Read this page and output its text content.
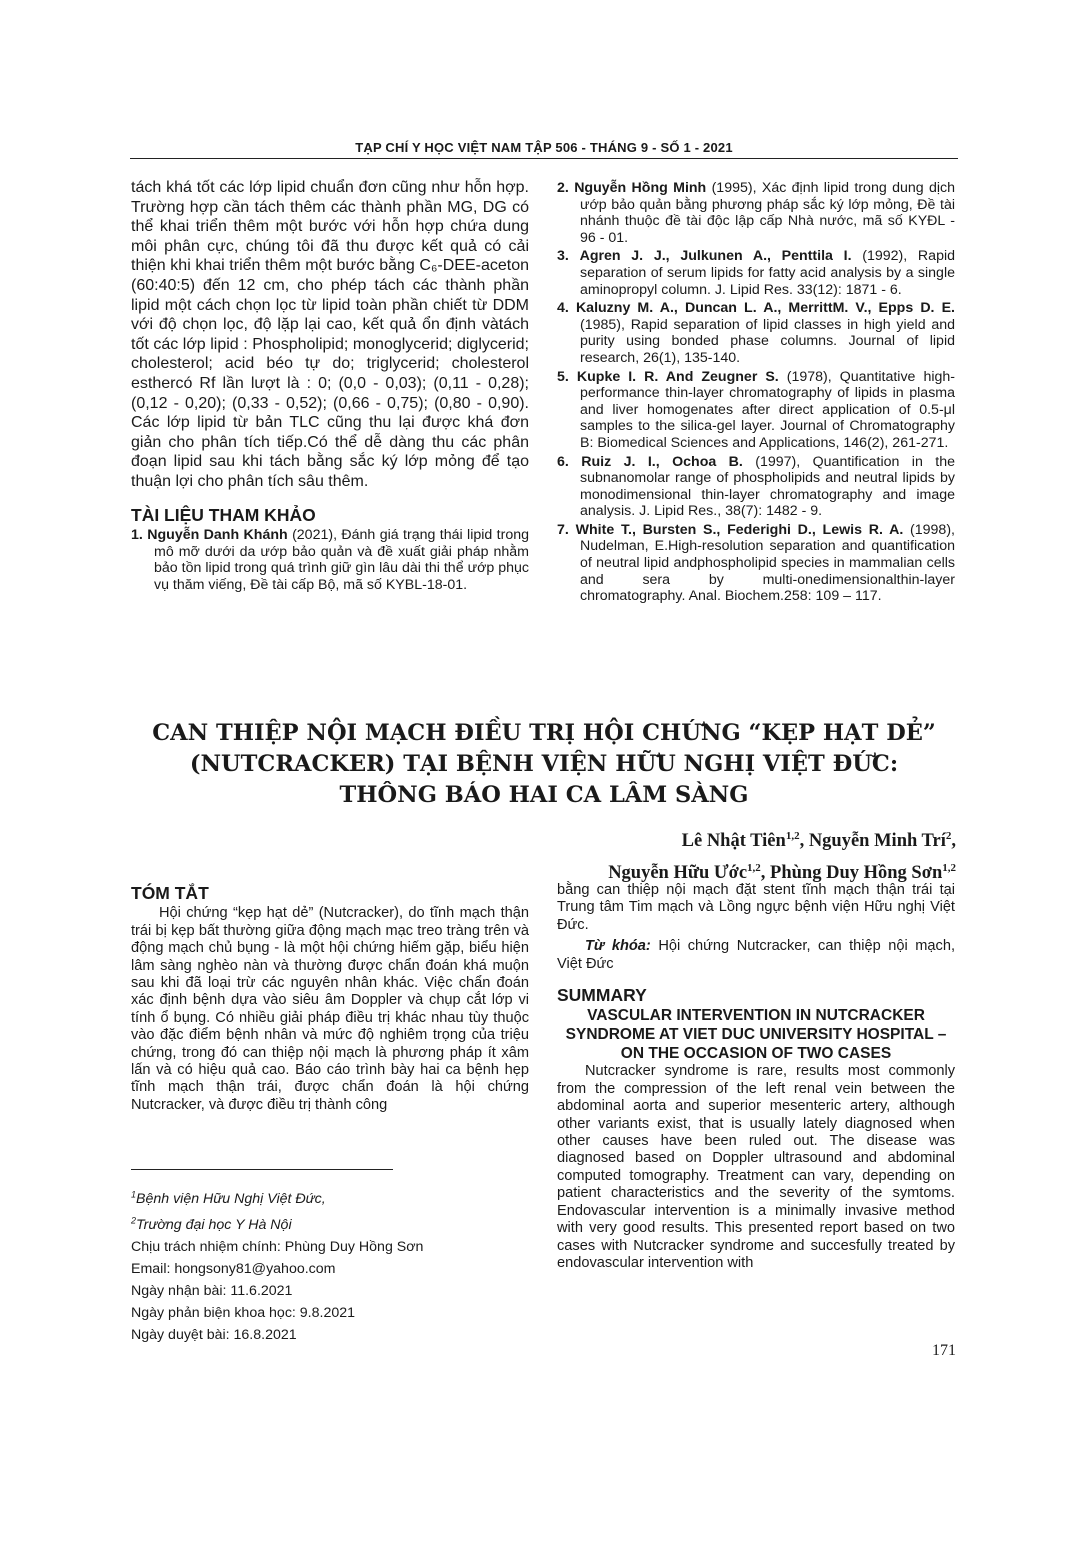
TẠP CHÍ Y HỌC VIỆT NAM TẬP 506 - THÁNG 9 - SỐ 1 - 2021

tách khá tốt các lớp lipid chuẩn đơn cũng như hỗn hợp. Trường hợp cần tách thêm các thành phần MG, DG có thể khai triển thêm một bước với hỗn hợp chứa dung môi phân cực, chúng tôi đã thu được kết quả có cải thiện khi khai triển thêm một bước bằng C₆-DEE-aceton (60:40:5) đến 12 cm, cho phép tách các thành phần lipid một cách chọn lọc từ lipid toàn phần chiết từ DDM với độ chọn lọc, độ lặp lại cao, kết quả ổn định vàtách tốt các lớp lipid : Phospholipid; monoglycerid; diglycerid; cholesterol; acid béo tự do; triglycerid; cholesterol esthercó Rf lần lượt là : 0; (0,0 - 0,03); (0,11 - 0,28); (0,12 - 0,20); (0,33 - 0,52); (0,66 - 0,75); (0,80 - 0,90). Các lớp lipid từ bản TLC cũng thu lại được khá đơn giản cho phân tích tiếp.Có thể dễ dàng thu các phân đoạn lipid sau khi tách bằng sắc ký lớp mỏng để tạo thuận lợi cho phân tích sâu thêm.

TÀI LIỆU THAM KHẢO

1. Nguyễn Danh Khánh (2021), Đánh giá trạng thái lipid trong mô mỡ dưới da ướp bảo quản và đề xuất giải pháp nhằm bảo tồn lipid trong quá trình giữ gìn lâu dài thi thể ướp phục vụ thăm viếng, Đề tài cấp Bộ, mã số KYBL-18-01.

2. Nguyễn Hồng Minh (1995), Xác định lipid trong dung dịch ướp bảo quản bằng phương pháp sắc ký lớp mỏng, Đề tài nhánh thuộc đề tài độc lập cấp Nhà nước, mã số KYĐL - 96 - 01.

3. Agren J. J., Julkunen A., Penttila I. (1992), Rapid separation of serum lipids for fatty acid analysis by a single aminopropyl column. J. Lipid Res. 33(12): 1871 - 6.

4. Kaluzny M. A., Duncan L. A., MerrittM. V., Epps D. E. (1985), Rapid separation of lipid classes in high yield and purity using bonded phase columns. Journal of lipid research, 26(1), 135-140.

5. Kupke I. R. And Zeugner S. (1978), Quantitative high-performance thin-layer chromatography of lipids in plasma and liver homogenates after direct application of 0.5-μl samples to the silica-gel layer. Journal of Chromatography B: Biomedical Sciences and Applications, 146(2), 261-271.

6. Ruiz J. I., Ochoa B. (1997), Quantification in the subnanomolar range of phospholipids and neutral lipids by monodimensional thin-layer chromatography and image analysis. J. Lipid Res., 38(7): 1482 - 9.

7. White T., Bursten S., Federighi D., Lewis R. A. (1998), Nudelman, E.High-resolution separation and quantification of neutral lipid andphospholipid species in mammalian cells and sera by multi-onedimensionalthin-layer chromatography. Anal. Biochem.258: 109 – 117.

CAN THIỆP NỘI MẠCH ĐIỀU TRỊ HỘI CHỨNG “KẸP HẠT DẺ”
(NUTCRACKER) TẠI BỆNH VIỆN HỮU NGHỊ VIỆT ĐỨC:
THÔNG BÁO HAI CA LÂM SÀNG
Lê Nhật Tiên$^{1,2}$, Nguyễn Minh Trí$^2$,
Nguyễn Hữu Ước$^{1,2}$, Phùng Duy Hồng Sơn$^{1,2}$

TÓM TẮT

Hội chứng “kẹp hạt dẻ” (Nutcracker), do tĩnh mạch thận trái bị kẹp bất thường giữa động mạch mạc treo tràng trên và động mạch chủ bụng - là một hội chứng hiếm gặp, biểu hiện lâm sàng nghèo nàn và thường được chẩn đoán khá muộn sau khi đã loại trừ các nguyên nhân khác. Việc chẩn đoán xác định bệnh dựa vào siêu âm Doppler và chụp cắt lớp vi tính ổ bụng. Có nhiều giải pháp điều trị khác nhau tùy thuộc vào đặc điểm bệnh nhân và mức độ nghiêm trọng của triệu chứng, trong đó can thiệp nội mạch là phương pháp ít xâm lấn và có hiệu quả cao. Báo cáo trình bày hai ca bệnh hẹp tĩnh mạch thận trái, được chẩn đoán là hội chứng Nutcracker, và được điều trị thành công

$^1$Bệnh viện Hữu Nghị Việt Đức,
$^2$Trường đại học Y Hà Nội
Chịu trách nhiệm chính: Phùng Duy Hồng Sơn
Email: hongsony81@yahoo.com
Ngày nhận bài: 11.6.2021
Ngày phản biện khoa học: 9.8.2021
Ngày duyệt bài: 16.8.2021

bằng can thiệp nội mạch đặt stent tĩnh mạch thận trái tại Trung tâm Tim mạch và Lồng ngực bệnh viện Hữu nghị Việt Đức.

Từ khóa: Hội chứng Nutcracker, can thiệp nội mạch, Việt Đức

SUMMARY

VASCULAR INTERVENTION IN NUTCRACKER SYNDROME AT VIET DUC UNIVERSITY HOSPITAL – ON THE OCCASION OF TWO CASES

Nutcracker syndrome is rare, results most commonly from the compression of the left renal vein between the abdominal aorta and superior mesenteric artery, although other variants exist, that is usually lately diagnosed when other causes have been ruled out. The disease was diagnosed based on Doppler ultrasound and abdominal computed tomography. Treatment can vary, depending on patient characteristics and the severity of the symtoms. Endovascular intervention is a minimally invasive method with very good results. This presented report based on two cases with Nutcracker syndrome and succesfully treated by endovascular intervention with

171
